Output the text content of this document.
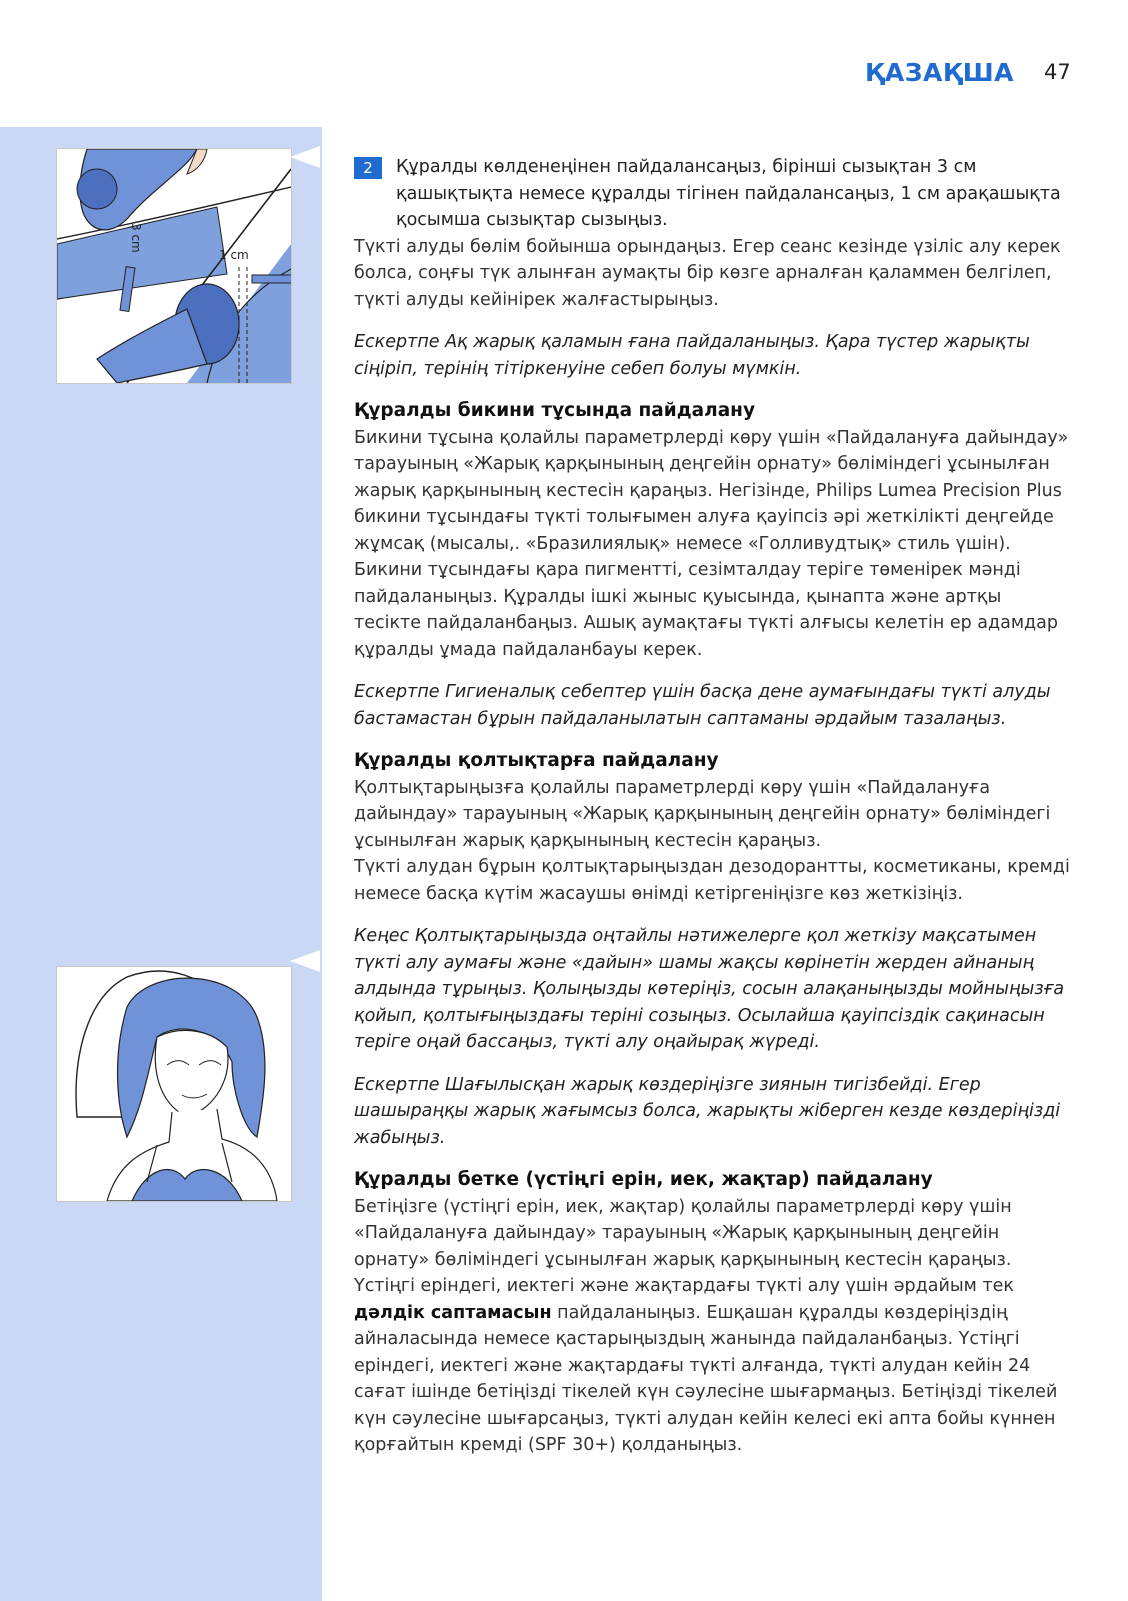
ҚАЗАҚША 47
3 cm
1 cm

2	Құралды көлденеңінен пайдалансаңыз, бірінші сызықтан 3 см қашықтықта немесе құралды тігінен пайдалансаңыз, 1 см арақашықта қосымша сызықтар сызыңыз.

Түкті алуды бөлім бойынша орындаңыз. Егер сеанс кезінде үзіліс алу керек болса, соңғы түк алынған аумақты бір көзге арналған қаламмен белгілеп, түкті алуды кейінірек жалғастырыңыз.

Ескертпе Ақ жарық қаламын ғана пайдаланыңыз. Қара түстер жарықты сіңіріп, терінің тітіркенуіне себеп болуы мүмкін.

Құралды бикини тұсында пайдалану

Бикини тұсына қолайлы параметрлерді көру үшін «Пайдалануға дайындау» тарауының «Жарық қарқынының деңгейін орнату» бөліміндегі ұсынылған жарық қарқынының кестесін қараңыз. Негізінде, Philips Lumea Precision Plus бикини тұсындағы түкті толығымен алуға қауіпсіз әрі жеткілікті деңгейде жұмсақ (мысалы,. «Бразилиялық» немесе «Голливудтық» стиль үшін). Бикини тұсындағы қара пигментті, сезімталдау теріге төменірек мәнді пайдаланыңыз. Құралды ішкі жыныс қуысында, қынапта және артқы тесікте пайдаланбаңыз. Ашық аумақтағы түкті алғысы келетін ер адамдар құралды ұмада пайдаланбауы керек.

Ескертпе Гигиеналық себептер үшін басқа дене аумағындағы түкті алуды бастамастан бұрын пайдаланылатын саптаманы әрдайым тазалаңыз.

Құралды қолтықтарға пайдалану

Қолтықтарыңызға қолайлы параметрлерді көру үшін «Пайдалануға дайындау» тарауының «Жарық қарқынының деңгейін орнату» бөліміндегі ұсынылған жарық қарқынының кестесін қараңыз.

Түкті алудан бұрын қолтықтарыңыздан дезодорантты, косметиканы, кремді немесе басқа күтім жасаушы өнімді кетіргеніңізге көз жеткізіңіз.

Кеңес Қолтықтарыңызда оңтайлы нәтижелерге қол жеткізу мақсатымен түкті алу аумағы және «дайын» шамы жақсы көрінетін жерден айнаның алдында тұрыңыз. Қолыңызды көтеріңіз, сосын алақаныңызды мойныңызға қойып, қолтығыңыздағы теріні созыңыз. Осылайша қауіпсіздік сақинасын теріге оңай бассаңыз, түкті алу оңайырақ жүреді.

Ескертпе Шағылысқан жарық көздеріңізге зиянын тигізбейді. Егер шашыраңқы жарық жағымсыз болса, жарықты жіберген кезде көздеріңізді жабыңыз.

Құралды бетке (үстіңгі ерін, иек, жақтар) пайдалану

Бетіңізге (үстіңгі ерін, иек, жақтар) қолайлы параметрлерді көру үшін «Пайдалануға дайындау» тарауының «Жарық қарқынының деңгейін орнату» бөліміндегі ұсынылған жарық қарқынының кестесін қараңыз.

Үстіңгі еріндегі, иектегі және жақтардағы түкті алу үшін әрдайым тек дәлдік саптамасын пайдаланыңыз. Ешқашан құралды көздеріңіздің айналасында немесе қастарыңыздың жанында пайдаланбаңыз. Үстіңгі еріндегі, иектегі және жақтардағы түкті алғанда, түкті алудан кейін 24 сағат ішінде бетіңізді тікелей күн сәулесіне шығармаңыз. Бетіңізді тікелей күн сәулесіне шығарсаңыз, түкті алудан кейін келесі екі апта бойы күннен қорғайтын кремді (SPF 30+) қолданыңыз.
